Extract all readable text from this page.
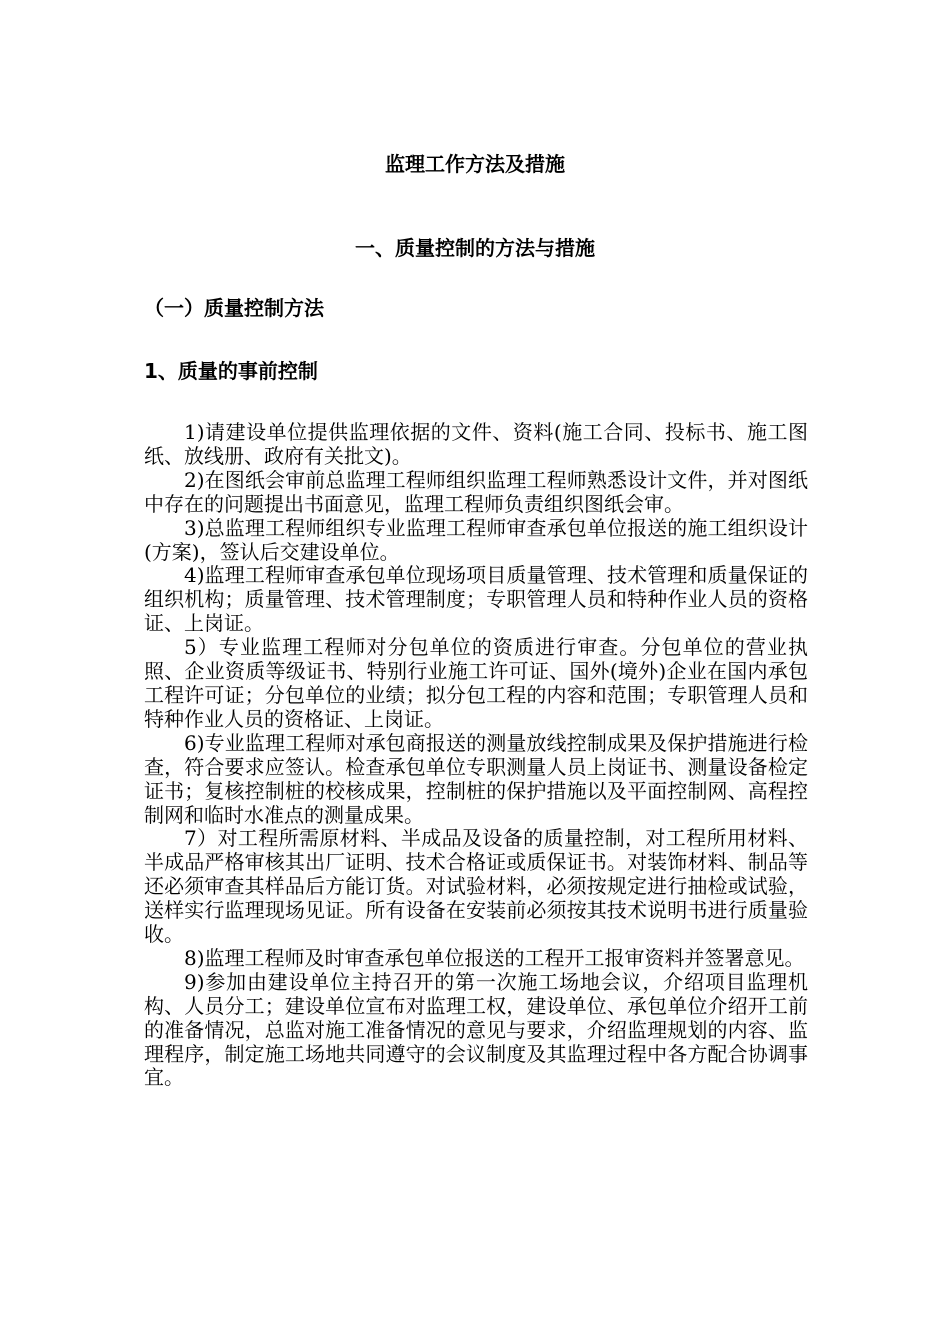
监理工作方法及措施
一、质量控制的方法与措施
（一）质量控制方法
1、质量的事前控制

1)请建设单位提供监理依据的文件、资料(施工合同、投标书、施工图纸、放线册、政府有关批文)。

2)在图纸会审前总监理工程师组织监理工程师熟悉设计文件，并对图纸中存在的问题提出书面意见，监理工程师负责组织图纸会审。

3)总监理工程师组织专业监理工程师审查承包单位报送的施工组织设计(方案)，签认后交建设单位。

4)监理工程师审查承包单位现场项目质量管理、技术管理和质量保证的组织机构；质量管理、技术管理制度；专职管理人员和特种作业人员的资格证、上岗证。

5）专业监理工程师对分包单位的资质进行审查。分包单位的营业执照、企业资质等级证书、特别行业施工许可证、国外(境外)企业在国内承包工程许可证；分包单位的业绩；拟分包工程的内容和范围；专职管理人员和特种作业人员的资格证、上岗证。

6)专业监理工程师对承包商报送的测量放线控制成果及保护措施进行检查，符合要求应签认。检查承包单位专职测量人员上岗证书、测量设备检定证书；复核控制桩的校核成果，控制桩的保护措施以及平面控制网、高程控制网和临时水准点的测量成果。

7）对工程所需原材料、半成品及设备的质量控制，对工程所用材料、半成品严格审核其出厂证明、技术合格证或质保证书。对装饰材料、制品等还必须审查其样品后方能订货。对试验材料，必须按规定进行抽检或试验，送样实行监理现场见证。所有设备在安装前必须按其技术说明书进行质量验收。

8)监理工程师及时审查承包单位报送的工程开工报审资料并签署意见。

9)参加由建设单位主持召开的第一次施工场地会议，介绍项目监理机构、人员分工；建设单位宣布对监理工权，建设单位、承包单位介绍开工前的准备情况，总监对施工准备情况的意见与要求，介绍监理规划的内容、监理程序，制定施工场地共同遵守的会议制度及其监理过程中各方配合协调事宜。
